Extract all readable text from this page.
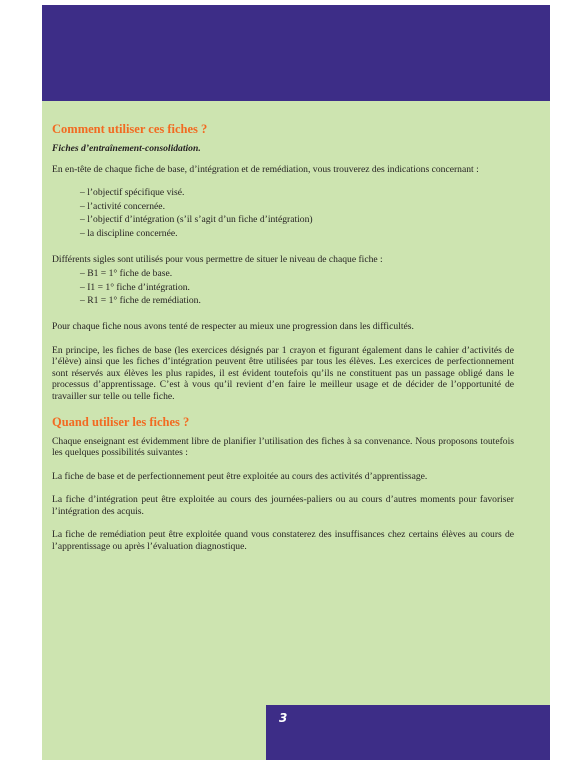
3
Comment utiliser ces fiches ?
Fiches d’entraînement-consolidation.

En en-tête de chaque fiche de base, d’intégration et de remédiation, vous trouverez des indications concernant :

– l’objectif spécifique visé.
– l’activité concernée.
– l’objectif d’intégration (s’il s’agit d’un fiche d’intégration)
– la discipline concernée.

Différents sigles sont utilisés pour vous permettre de situer le niveau de chaque fiche :

– B1 = 1° fiche de base.
– I1 = 1° fiche d’intégration.
– R1 = 1° fiche de remédiation.

Pour chaque fiche nous avons tenté de respecter au mieux une progression dans les difficultés.

En principe, les fiches de base (les exercices désignés par 1 crayon et figurant également dans le cahier d’activités de l’élève) ainsi que les fiches d’intégration peuvent être utilisées par tous les élèves. Les exercices de perfectionnement sont réservés aux élèves les plus rapides, il est évident toutefois qu’ils ne constituent pas un passage obligé dans le processus d’apprentissage. C’est à vous qu’il revient d’en faire le meilleur usage et de décider de l’opportunité de travailler sur telle ou telle fiche.

Quand utiliser les fiches ?

Chaque enseignant est évidemment libre de planifier l’utilisation des fiches à sa convenance. Nous proposons toutefois les quelques possibilités suivantes :

La fiche de base et de perfectionnement peut être exploitée au cours des activités d’apprentissage.

La fiche d’intégration peut être exploitée au cours des journées-paliers ou au cours d’autres moments pour favoriser l’intégration des acquis.

La fiche de remédiation peut être exploitée quand vous constaterez des insuffisances chez certains élèves au cours de l’apprentissage ou après l’évaluation diagnostique.
